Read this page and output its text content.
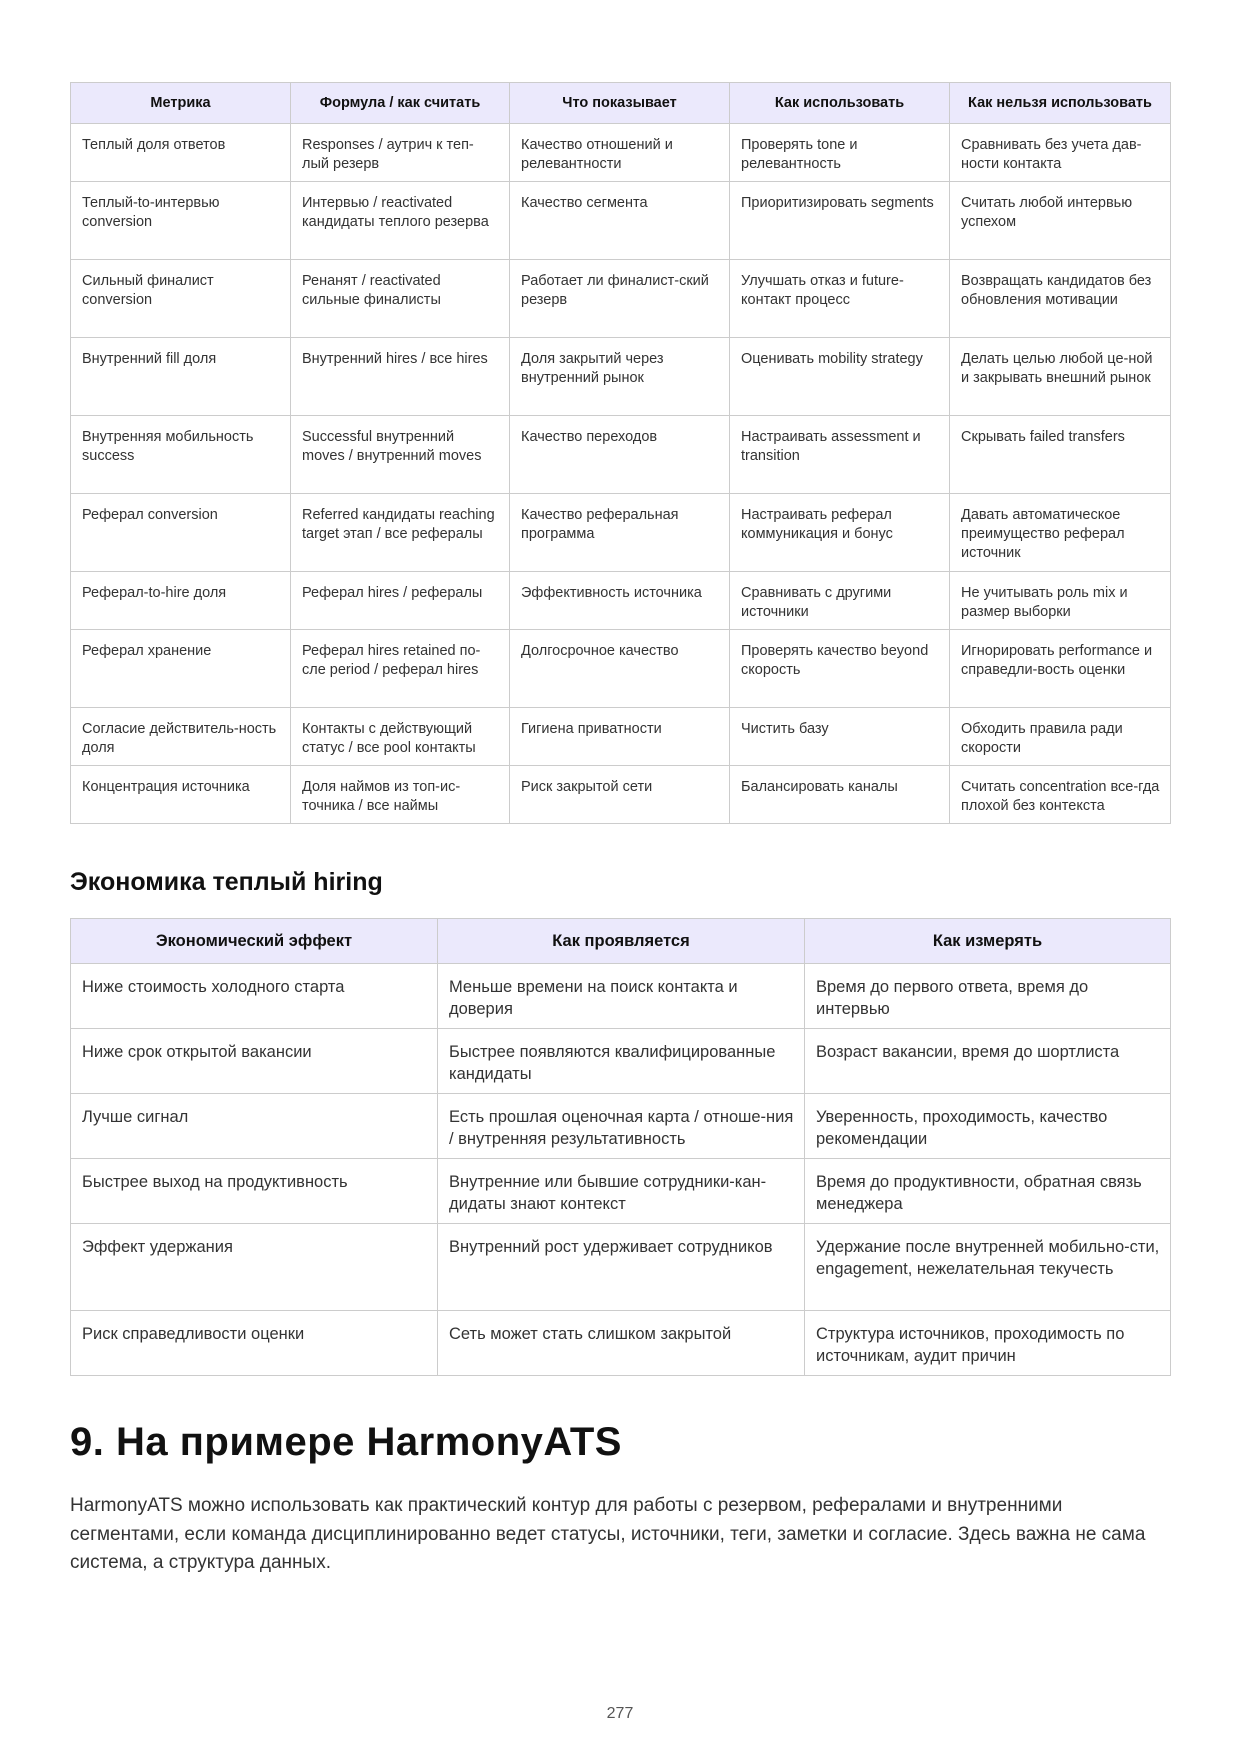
Метрика	Формула / как считать	Что показывает	Как использовать	Как нельзя использовать
Теплый доля ответов	Responses / аутрич к теп-лый резерв	Качество отношений и релевантности	Проверять tone и релевантность	Сравнивать без учета дав-ности контакта
Теплый-to-интервью conversion	Интервью / reactivated кандидаты теплого резерва	Качество сегмента	Приоритизировать segments	Считать любой интервью успехом
Сильный финалист conversion	Ренанят / reactivated сильные финалисты	Работает ли финалист-ский резерв	Улучшать отказ и future-контакт процесс	Возвращать кандидатов без обновления мотивации
Внутренний fill доля	Внутренний hires / все hires	Доля закрытий через внутренний рынок	Оценивать mobility strategy	Делать целью любой це-ной и закрывать внешний рынок
Внутренняя мобильность success	Successful внутренний moves / внутренний moves	Качество переходов	Настраивать assessment и transition	Скрывать failed transfers
Реферал conversion	Referred кандидаты reaching target этап / все рефералы	Качество реферальная программа	Настраивать реферал коммуникация и бонус	Давать автоматическое преимущество реферал источник
Реферал-to-hire доля	Реферал hires / рефералы	Эффективность источника	Сравнивать с другими источники	Не учитывать роль mix и размер выборки
Реферал хранение	Реферал hires retained по-сле period / реферал hires	Долгосрочное качество	Проверять качество beyond скорость	Игнорировать performance и справедли-вость оценки
Согласие действитель-ность доля	Контакты с действующий статус / все pool контакты	Гигиена приватности	Чистить базу	Обходить правила ради скорости
Концентрация источника	Доля наймов из топ-ис-точника / все наймы	Риск закрытой сети	Балансировать каналы	Считать concentration все-гда плохой без контекста
Экономика теплый hiring
Экономический эффект	Как проявляется	Как измерять
Ниже стоимость холодного старта	Меньше времени на поиск контакта и доверия	Время до первого ответа, время до интервью
Ниже срок открытой вакансии	Быстрее появляются квалифицированные кандидаты	Возраст вакансии, время до шортлиста
Лучше сигнал	Есть прошлая оценочная карта / отноше-ния / внутренняя результативность	Уверенность, проходимость, качество рекомендации
Быстрее выход на продуктивность	Внутренние или бывшие сотрудники-кан-дидаты знают контекст	Время до продуктивности, обратная связь менеджера
Эффект удержания	Внутренний рост удерживает сотрудников	Удержание после внутренней мобильно-сти, engagement, нежелательная текучесть
Риск справедливости оценки	Сеть может стать слишком закрытой	Структура источников, проходимость по источникам, аудит причин
9. На примере HarmonyATS

HarmonyATS можно использовать как практический контур для работы с резервом, рефералами и внутренними сегментами, если команда дисциплинированно ведет статусы, источники, теги, заметки и согласие. Здесь важна не сама система, а структура данных.

277
